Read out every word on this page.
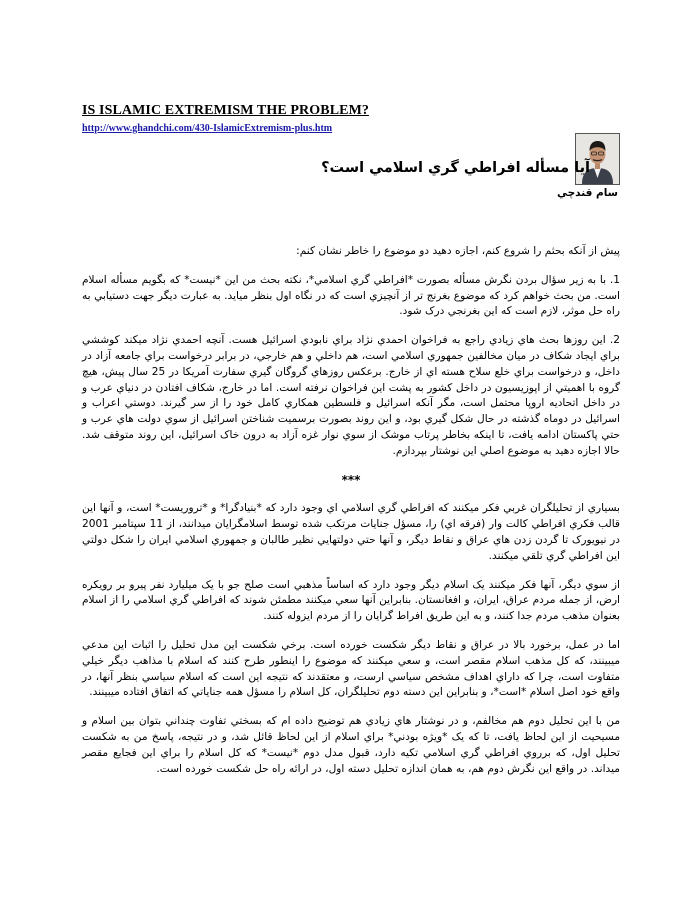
IS ISLAMIC EXTREMISM THE PROBLEM?
http://www.ghandchi.com/430-IslamicExtremism-plus.htm
آيا مسأله افراطي گري اسلامي است؟
سام قندچي

پيش از آنکه بحثم را شروع کنم، اجازه دهيد دو موضوع را خاطر نشان کنم:

1. با به زير سؤال بردن نگرش مسأله بصورت *افراطي گري اسلامي*، نکته بحث من اين *نيست* که بگويم مسأله اسلام است. من بحث خواهم کرد که موضوع بغرنج تر از آنچيزي است که در نگاه اول بنظر مياید. به عبارت ديگر جهت دستيابي به راه حل موثر، لازم است که اين بغرنجي درک شود.

2. اين روزها بحث هاي زيادي راجع به فراخوان احمدي نژاد براي نابودي اسرائيل هست. آنچه احمدي نژاد ميکند کوششي براي ايجاد شکاف در ميان مخالفين جمهوري اسلامي است، هم داخلي و هم خارجي، در برابر درخواست براي جامعه آزاد در داخل، و درخواست براي خلع سلاح هسته اي از خارج. برعکس روزهاي گروگان گيري سفارت آمريکا در 25 سال پيش، هيچ گروه با اهميتي از اپوزيسيون در داخل کشور به پشت اين فراخوان نرفته است. اما در خارج، شکاف افتادن در دنياي عرب و در داخل اتحاديه اروپا محتمل است، مگر آنکه اسرائيل و فلسطين همکاري کامل خود را از سر گيرند. دوستي اعراب و اسرائيل در دوماه گذشته در حال شکل گيري بود، و اين روند بصورت برسميت شناختن اسرائيل از سوي دولت هاي عرب و حتي پاکستان ادامه يافت، تا اينکه بخاطر پرتاب موشک از سوي نوار غزه آزاد به درون خاک اسرائيل، اين روند متوقف شد. حالا اجازه دهيد به موضوع اصلي اين نوشتار بپردازم.

***

بسياري از تحليلگران غربي فکر ميکنند که افراطي گري اسلامي اي وجود دارد که *بنيادگرا* و *تروريست* است، و آنها اين قالب فکري افراطي کالت وار (فرقه اي) را، مسؤل جنايات مرتکب شده توسط اسلامگرايان ميدانند، از 11 سپتامبر 2001 در نيويورک تا گردن زدن هاي عراق و نقاط ديگر، و آنها حتي دولتهايي نظير طالبان و جمهوري اسلامي ايران را شکل دولتي اين افراطي گري تلقي ميکنند.

از سوي ديگر، آنها فکر ميکنند يک اسلام ديگر وجود دارد که اساساً مذهبي است صلح جو با يک ميليارد نفر پيرو بر رويکره ارض، از جمله مردم عراق، ايران، و افغانستان. بنابراين آنها سعي ميکنند مطمئن شوند که افراطي گري اسلامي را از اسلام بعنوان مذهب مردم جدا کنند، و به اين طريق افراط گرايان را از مردم ايزوله کنند.

اما در عمل، برخورد بالا در عراق و نقاط ديگر شکست خورده است. برخي شکست اين مدل تحليل را اثبات اين مدعي ميبينند، که کل مذهب اسلام مقصر است، و سعي ميکنند که موضوع را اينطور طرح کنند که اسلام با مذاهب ديگر خيلي متفاوت است، چرا که داراي اهداف مشخص سياسي ارست، و معتقدند که نتيجه اين است که اسلام سياسي بنظر آنها، در واقع خود اصل اسلام *است*، و بنابراين اين دسته دوم تحليلگران، کل اسلام را مسؤل همه جناياتي که اتفاق افتاده ميبينند.

من با اين تحليل دوم هم مخالفم، و در نوشتار هاي زيادي هم توضيح داده ام که بسختي تفاوت چنداني بتوان بين اسلام و مسيحيت از اين لحاظ يافت، تا که يک *ويژه بودني* براي اسلام از اين لحاظ قائل شد، و در نتيجه، پاسخ من به شکست تحليل اول، که برروي افراطي گري اسلامي تکيه دارد، قبول مدل دوم *نيست* که کل اسلام را براي اين فجايع مقصر ميداند. در واقع اين نگرش دوم هم، به همان اندازه تحليل دسته اول، در ارائه راه حل شکست خورده است.
